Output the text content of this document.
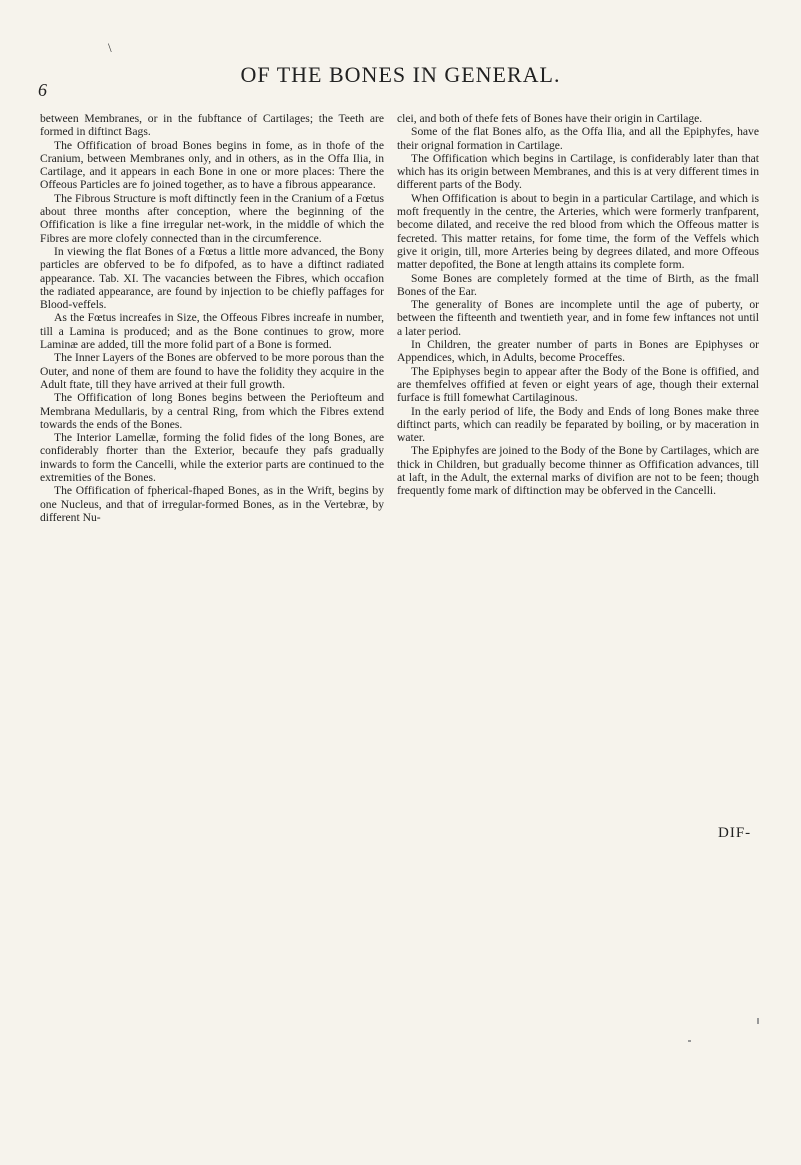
\
6
OF THE BONES IN GENERAL.

between Membranes, or in the fubftance of Cartilages; the Teeth are formed in diftinct Bags.

The Offification of broad Bones begins in fome, as in thofe of the Cranium, between Membranes only, and in others, as in the Offa Ilia, in Cartilage, and it appears in each Bone in one or more places: There the Offeous Particles are fo joined together, as to have a fibrous appearance.

The Fibrous Structure is moft diftinctly feen in the Cranium of a Fœtus about three months after conception, where the beginning of the Offification is like a fine irregular net-work, in the middle of which the Fibres are more clofely connected than in the circumference.

In viewing the flat Bones of a Fœtus a little more advanced, the Bony particles are obferved to be fo difpofed, as to have a diftinct radiated appearance. Tab. XI. The vacancies between the Fibres, which occafion the radiated appearance, are found by injection to be chiefly paffages for Blood-veffels.

As the Fœtus increafes in Size, the Offeous Fibres increafe in number, till a Lamina is produced; and as the Bone continues to grow, more Laminæ are added, till the more folid part of a Bone is formed.

The Inner Layers of the Bones are obferved to be more porous than the Outer, and none of them are found to have the folidity they acquire in the Adult ftate, till they have arrived at their full growth.

The Offification of long Bones begins between the Periofteum and Membrana Medullaris, by a central Ring, from which the Fibres extend towards the ends of the Bones.

The Interior Lamellæ, forming the folid fides of the long Bones, are confiderably fhorter than the Exterior, becaufe they pafs gradually inwards to form the Cancelli, while the exterior parts are continued to the extremities of the Bones.

The Offification of fpherical-fhaped Bones, as in the Wrift, begins by one Nucleus, and that of irregular-formed Bones, as in the Vertebræ, by different Nu-

clei, and both of thefe fets of Bones have their origin in Cartilage.

Some of the flat Bones alfo, as the Offa Ilia, and all the Epiphyfes, have their orignal formation in Cartilage.

The Offification which begins in Cartilage, is confiderably later than that which has its origin between Membranes, and this is at very different times in different parts of the Body.

When Offification is about to begin in a particular Cartilage, and which is moft frequently in the centre, the Arteries, which were formerly tranfparent, become dilated, and receive the red blood from which the Offeous matter is fecreted. This matter retains, for fome time, the form of the Veffels which give it origin, till, more Arteries being by degrees dilated, and more Offeous matter depofited, the Bone at length attains its complete form.

Some Bones are completely formed at the time of Birth, as the fmall Bones of the Ear.

The generality of Bones are incomplete until the age of puberty, or between the fifteenth and twentieth year, and in fome few inftances not until a later period.

In Children, the greater number of parts in Bones are Epiphyses or Appendices, which, in Adults, become Proceffes.

The Epiphyses begin to appear after the Body of the Bone is offified, and are themfelves offified at feven or eight years of age, though their external furface is ftill fomewhat Cartilaginous.

In the early period of life, the Body and Ends of long Bones make three diftinct parts, which can readily be feparated by boiling, or by maceration in water.

The Epiphyfes are joined to the Body of the Bone by Cartilages, which are thick in Children, but gradually become thinner as Offification advances, till at laft, in the Adult, the external marks of divifion are not to be feen; though frequently fome mark of diftinction may be obferved in the Cancelli.

DIF-
